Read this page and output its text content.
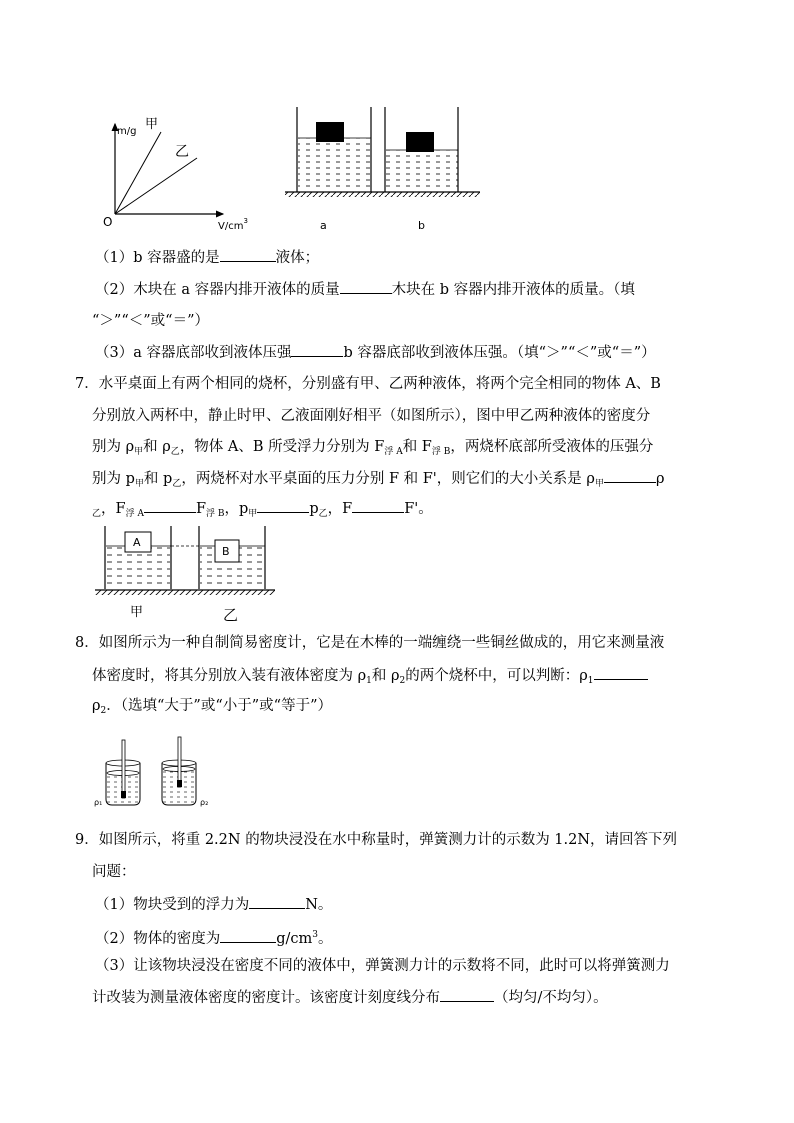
m/g 甲
乙
O	$V/cm^3$	a	b
（1）b 容器盛的是	液体；
（2）木块在 a 容器内排开液体的质量	木块在 b 容器内排开液体的质量。（填
“＞”“＜”或“＝”）
（3）a 容器底部收到液体压强	b 容器底部收到液体压强。（填“＞”“＜”或“＝”）
7．水平桌面上有两个相同的烧杯，分别盛有甲、乙两种液体，将两个完全相同的物体 A、B
分别放入两杯中，静止时甲、乙液面刚好相平（如图所示），图中甲乙两种液体的密度分
别为 $\rho_甲$和 $\rho_乙$，物体 A、B 所受浮力分别为 $F_{浮 A}$和 $F_{浮 B}$，两烧杯底部所受液体的压强分
别为 $p_甲$和 $p_乙$，两烧杯对水平桌面的压力分别 F 和 F'，则它们的大小关系是 $\rho_甲$	ρ
$_乙$，$F_{浮 A}$	$F_{浮 B}$，$p_甲$	$p_乙$，F	F'。
A
B
甲	乙
8．如图所示为一种自制简易密度计，它是在木棒的一端缠绕一些铜丝做成的，用它来测量液
体密度时，将其分别放入装有液体密度为 $\rho_1$和 $\rho_2$的两个烧杯中，可以判断：$\rho_1$
$\rho_2$．（选填“大于”或“小于”或“等于”）
ρ₁	ρ₂
9．如图所示，将重 2.2N 的物块浸没在水中称量时，弹簧测力计的示数为 1.2N，请回答下列
问题：
（1）物块受到的浮力为	N。
（2）物体的密度为	$g/cm^3$。
（3）让该物块浸没在密度不同的液体中，弹簧测力计的示数将不同，此时可以将弹簧测力
计改装为测量液体密度的密度计。该密度计刻度线分布	（均匀/不均匀）。
